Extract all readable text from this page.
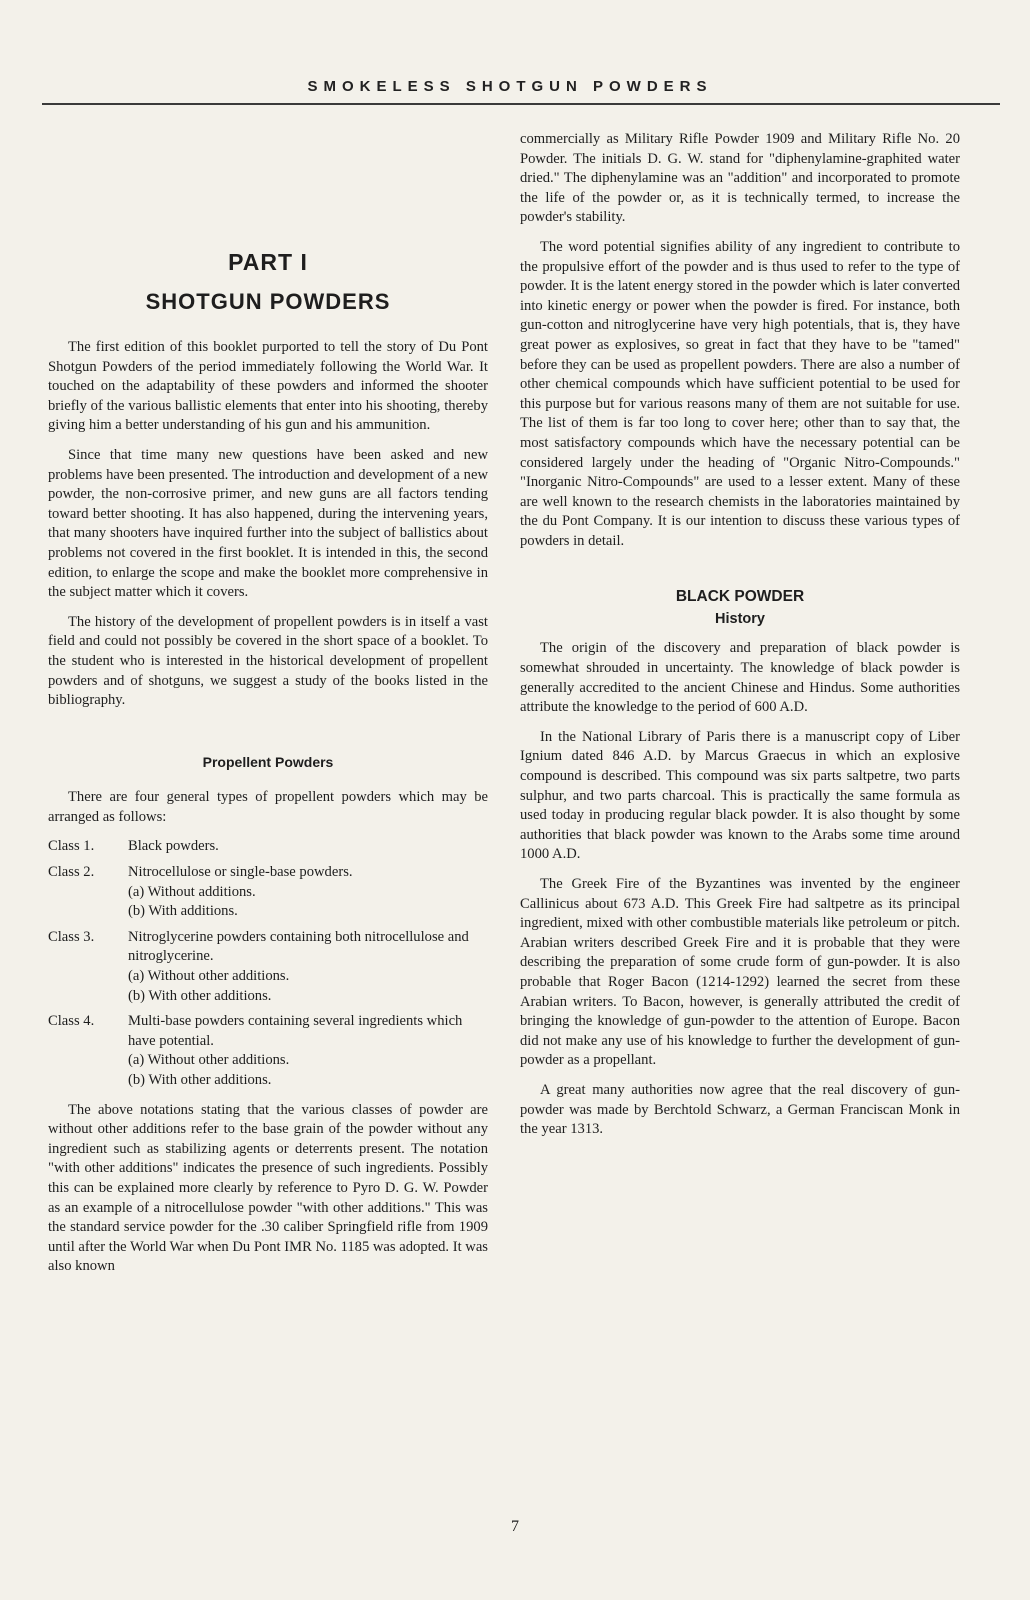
SMOKELESS SHOTGUN POWDERS
PART I
SHOTGUN POWDERS

The first edition of this booklet purported to tell the story of Du Pont Shotgun Powders of the period immediately following the World War. It touched on the adaptability of these powders and informed the shooter briefly of the various ballistic elements that enter into his shooting, thereby giving him a better understanding of his gun and his ammunition.

Since that time many new questions have been asked and new problems have been presented. The introduction and development of a new powder, the non-corrosive primer, and new guns are all factors tending toward better shooting. It has also happened, during the intervening years, that many shooters have inquired further into the subject of ballistics about problems not covered in the first booklet. It is intended in this, the second edition, to enlarge the scope and make the booklet more comprehensive in the subject matter which it covers.

The history of the development of propellent powders is in itself a vast field and could not possibly be covered in the short space of a booklet. To the student who is interested in the historical development of propellent powders and of shotguns, we suggest a study of the books listed in the bibliography.

Propellent Powders

There are four general types of propellent powders which may be arranged as follows:

Class 1.	Black powders.
Class 2.	Nitrocellulose or single-base powders.
(a) Without additions.
(b) With additions.
Class 3.	Nitroglycerine powders containing both nitrocellulose and nitroglycerine.
(a) Without other additions.
(b) With other additions.
Class 4.	Multi-base powders containing several ingredients which have potential.
(a) Without other additions.
(b) With other additions.

The above notations stating that the various classes of powder are without other additions refer to the base grain of the powder without any ingredient such as stabilizing agents or deterrents present. The notation "with other additions" indicates the presence of such ingredients. Possibly this can be explained more clearly by reference to Pyro D. G. W. Powder as an example of a nitrocellulose powder "with other additions." This was the standard service powder for the .30 caliber Springfield rifle from 1909 until after the World War when Du Pont IMR No. 1185 was adopted. It was also known

commercially as Military Rifle Powder 1909 and Military Rifle No. 20 Powder. The initials D. G. W. stand for "diphenylamine-graphited water dried." The diphenylamine was an "addition" and incorporated to promote the life of the powder or, as it is technically termed, to increase the powder's stability.

The word potential signifies ability of any ingredient to contribute to the propulsive effort of the powder and is thus used to refer to the type of powder. It is the latent energy stored in the powder which is later converted into kinetic energy or power when the powder is fired. For instance, both gun-cotton and nitroglycerine have very high potentials, that is, they have great power as explosives, so great in fact that they have to be "tamed" before they can be used as propellent powders. There are also a number of other chemical compounds which have sufficient potential to be used for this purpose but for various reasons many of them are not suitable for use. The list of them is far too long to cover here; other than to say that, the most satisfactory compounds which have the necessary potential can be considered largely under the heading of "Organic Nitro-Compounds." "Inorganic Nitro-Compounds" are used to a lesser extent. Many of these are well known to the research chemists in the laboratories maintained by the du Pont Company. It is our intention to discuss these various types of powders in detail.

BLACK POWDER
History

The origin of the discovery and preparation of black powder is somewhat shrouded in uncertainty. The knowledge of black powder is generally accredited to the ancient Chinese and Hindus. Some authorities attribute the knowledge to the period of 600 A.D.

In the National Library of Paris there is a manuscript copy of Liber Ignium dated 846 A.D. by Marcus Graecus in which an explosive compound is described. This compound was six parts saltpetre, two parts sulphur, and two parts charcoal. This is practically the same formula as used today in producing regular black powder. It is also thought by some authorities that black powder was known to the Arabs some time around 1000 A.D.

The Greek Fire of the Byzantines was invented by the engineer Callinicus about 673 A.D. This Greek Fire had saltpetre as its principal ingredient, mixed with other combustible materials like petroleum or pitch. Arabian writers described Greek Fire and it is probable that they were describing the preparation of some crude form of gun-powder. It is also probable that Roger Bacon (1214-1292) learned the secret from these Arabian writers. To Bacon, however, is generally attributed the credit of bringing the knowledge of gun-powder to the attention of Europe. Bacon did not make any use of his knowledge to further the development of gun-powder as a propellant.

A great many authorities now agree that the real discovery of gun-powder was made by Berchtold Schwarz, a German Franciscan Monk in the year 1313.

7
